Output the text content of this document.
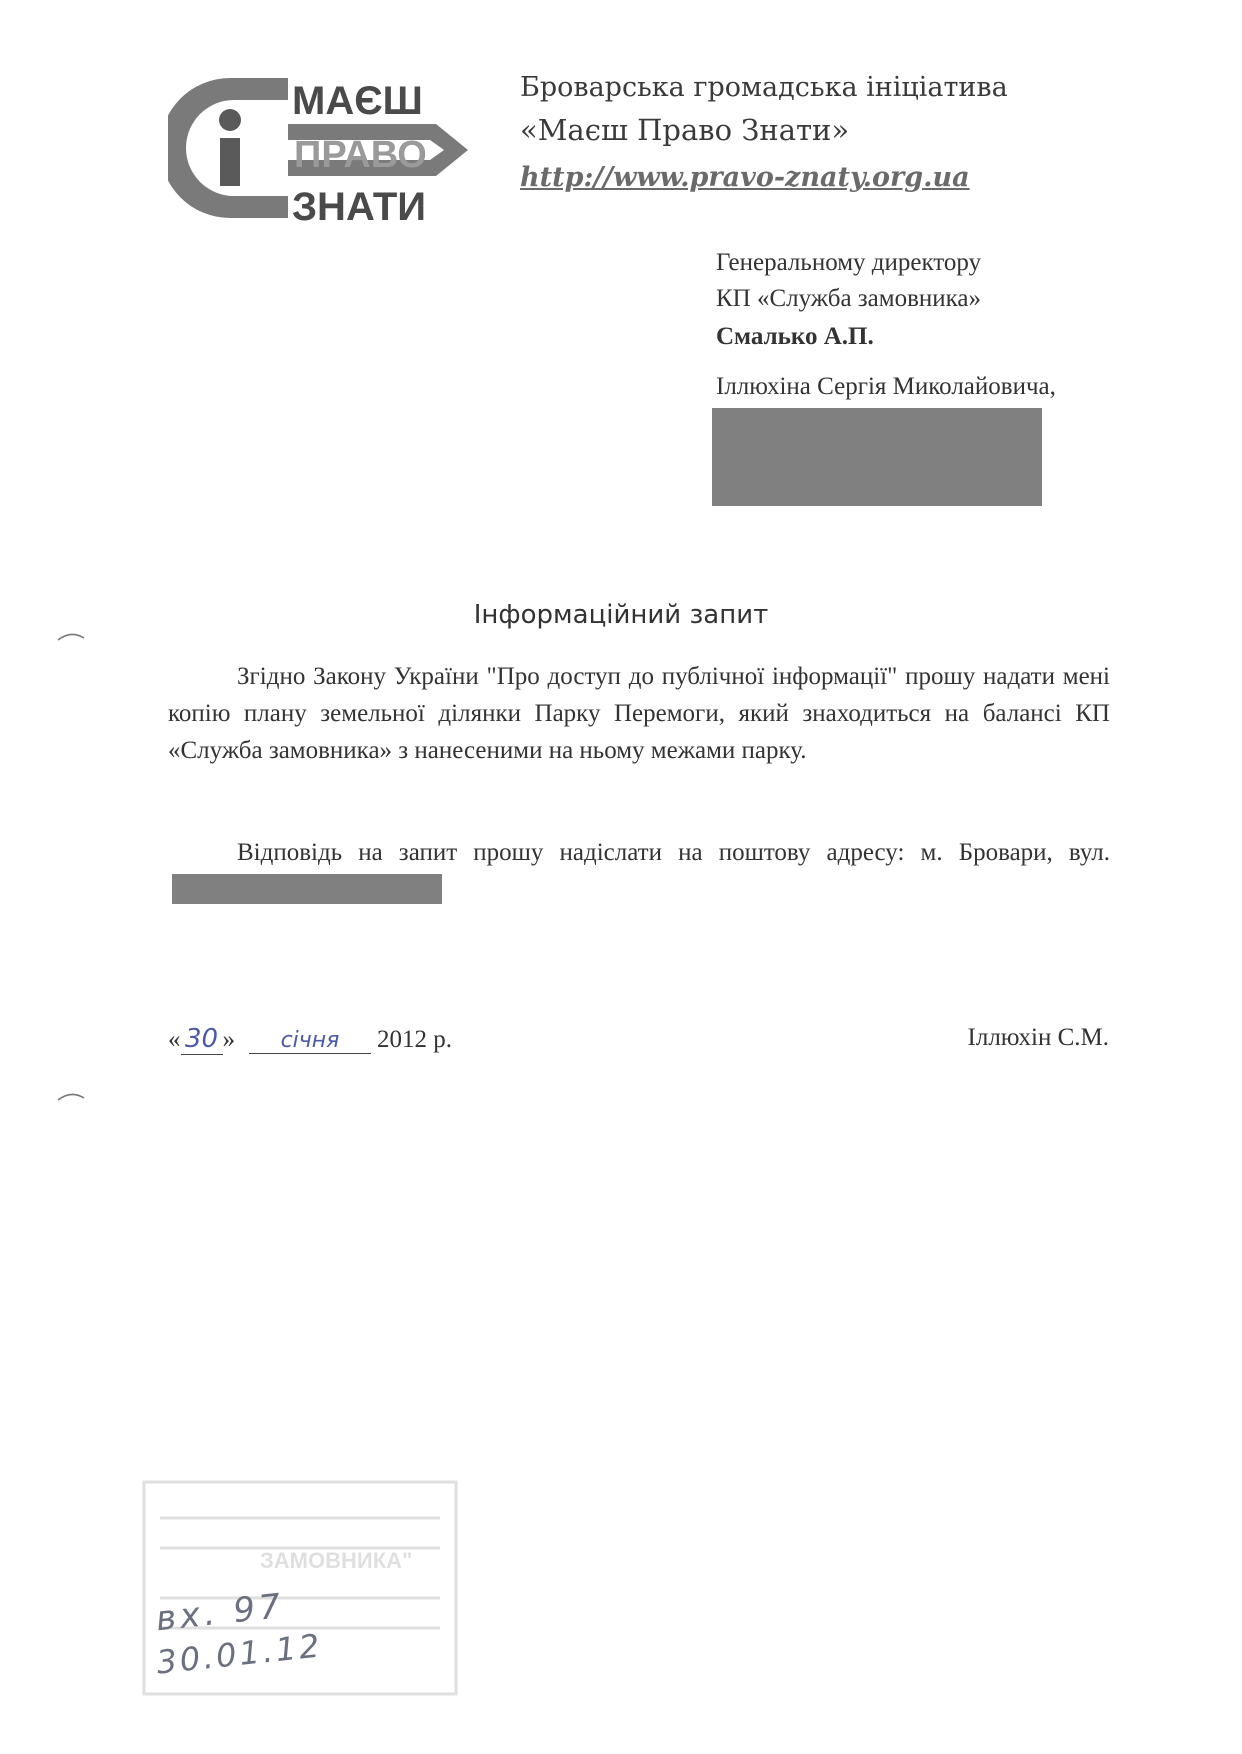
МАЄШ
ПРАВО
ЗНАТИ
Броварська громадська ініціатива
«Маєш Право Знати»
http://www.pravo-znaty.org.ua
Генеральному директору
КП «Служба замовника»
Смалько А.П.
Іллюхіна Сергія Миколайовича,
Інформаційний запит
Згідно Закону України "Про доступ до публічної інформації" прошу надати мені копію плану земельної ділянки Парку Перемоги, який знаходиться на балансі КП «Служба замовника» з нанесеними на ньому межами парку.
Відповідь на запит прошу надіслати на поштову адресу: м. Бровари, вул.
« 30 » січня 2012 р.	Іллюхін С.М.
ЗАМОВНИКА"
вх. 97
30.01.12
